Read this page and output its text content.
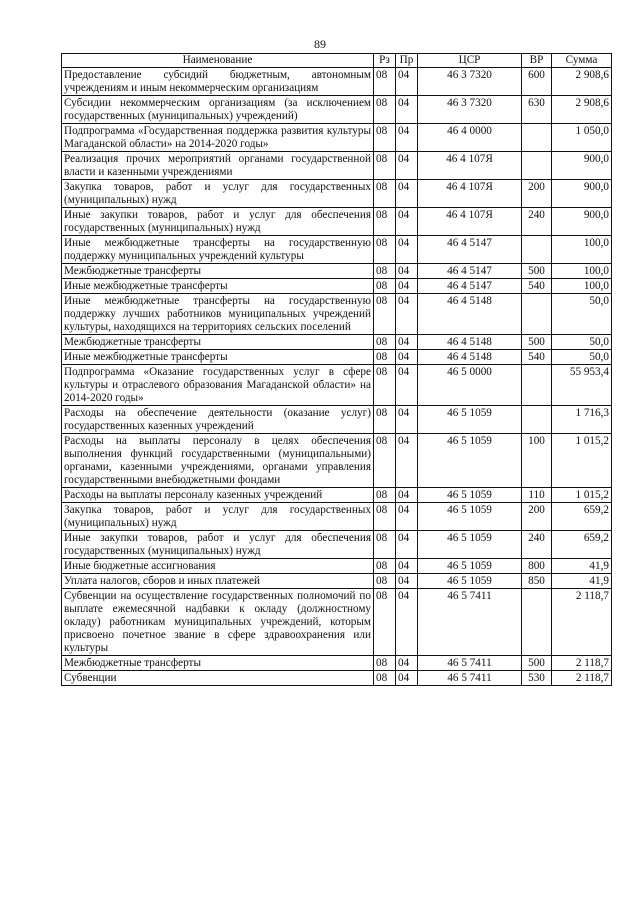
89
Наименование	Рз	Пр	ЦСР	ВР	Сумма
Предоставление субсидий бюджетным, автономным учреждениям и иным некоммерческим организациям	08	04	46 3 7320	600	2 908,6
Субсидии некоммерческим организациям (за исключением государственных (муниципальных) учреждений)	08	04	46 3 7320	630	2 908,6
Подпрограмма «Государственная поддержка развития культуры Магаданской области» на 2014-2020 годы»	08	04	46 4 0000		1 050,0
Реализация прочих мероприятий органами государственной власти и казенными учреждениями	08	04	46 4 107Я		900,0
Закупка товаров, работ и услуг для государственных (муниципальных) нужд	08	04	46 4 107Я	200	900,0
Иные закупки товаров, работ и услуг для обеспечения государственных (муниципальных) нужд	08	04	46 4 107Я	240	900,0
Иные межбюджетные трансферты на государственную поддержку муниципальных учреждений культуры	08	04	46 4 5147		100,0
Межбюджетные трансферты	08	04	46 4 5147	500	100,0
Иные межбюджетные трансферты	08	04	46 4 5147	540	100,0
Иные межбюджетные трансферты на государственную поддержку лучших работников муниципальных учреждений культуры, находящихся на территориях сельских поселений	08	04	46 4 5148		50,0
Межбюджетные трансферты	08	04	46 4 5148	500	50,0
Иные межбюджетные трансферты	08	04	46 4 5148	540	50,0
Подпрограмма «Оказание государственных услуг в сфере культуры и отраслевого образования Магаданской области» на 2014-2020 годы»	08	04	46 5 0000		55 953,4
Расходы на обеспечение деятельности (оказание услуг) государственных казенных учреждений	08	04	46 5 1059		1 716,3
Расходы на выплаты персоналу в целях обеспечения выполнения функций государственными (муниципальными) органами, казенными учреждениями, органами управления государственными внебюджетными фондами	08	04	46 5 1059	100	1 015,2
Расходы на выплаты персоналу казенных учреждений	08	04	46 5 1059	110	1 015,2
Закупка товаров, работ и услуг для государственных (муниципальных) нужд	08	04	46 5 1059	200	659,2
Иные закупки товаров, работ и услуг для обеспечения государственных (муниципальных) нужд	08	04	46 5 1059	240	659,2
Иные бюджетные ассигнования	08	04	46 5 1059	800	41,9
Уплата налогов, сборов и иных платежей	08	04	46 5 1059	850	41,9
Субвенции на осуществление государственных полномочий по выплате ежемесячной надбавки к окладу (должностному окладу) работникам муниципальных учреждений, которым присвоено почетное звание в сфере здравоохранения или культуры	08	04	46 5 7411		2 118,7
Межбюджетные трансферты	08	04	46 5 7411	500	2 118,7
Субвенции	08	04	46 5 7411	530	2 118,7
